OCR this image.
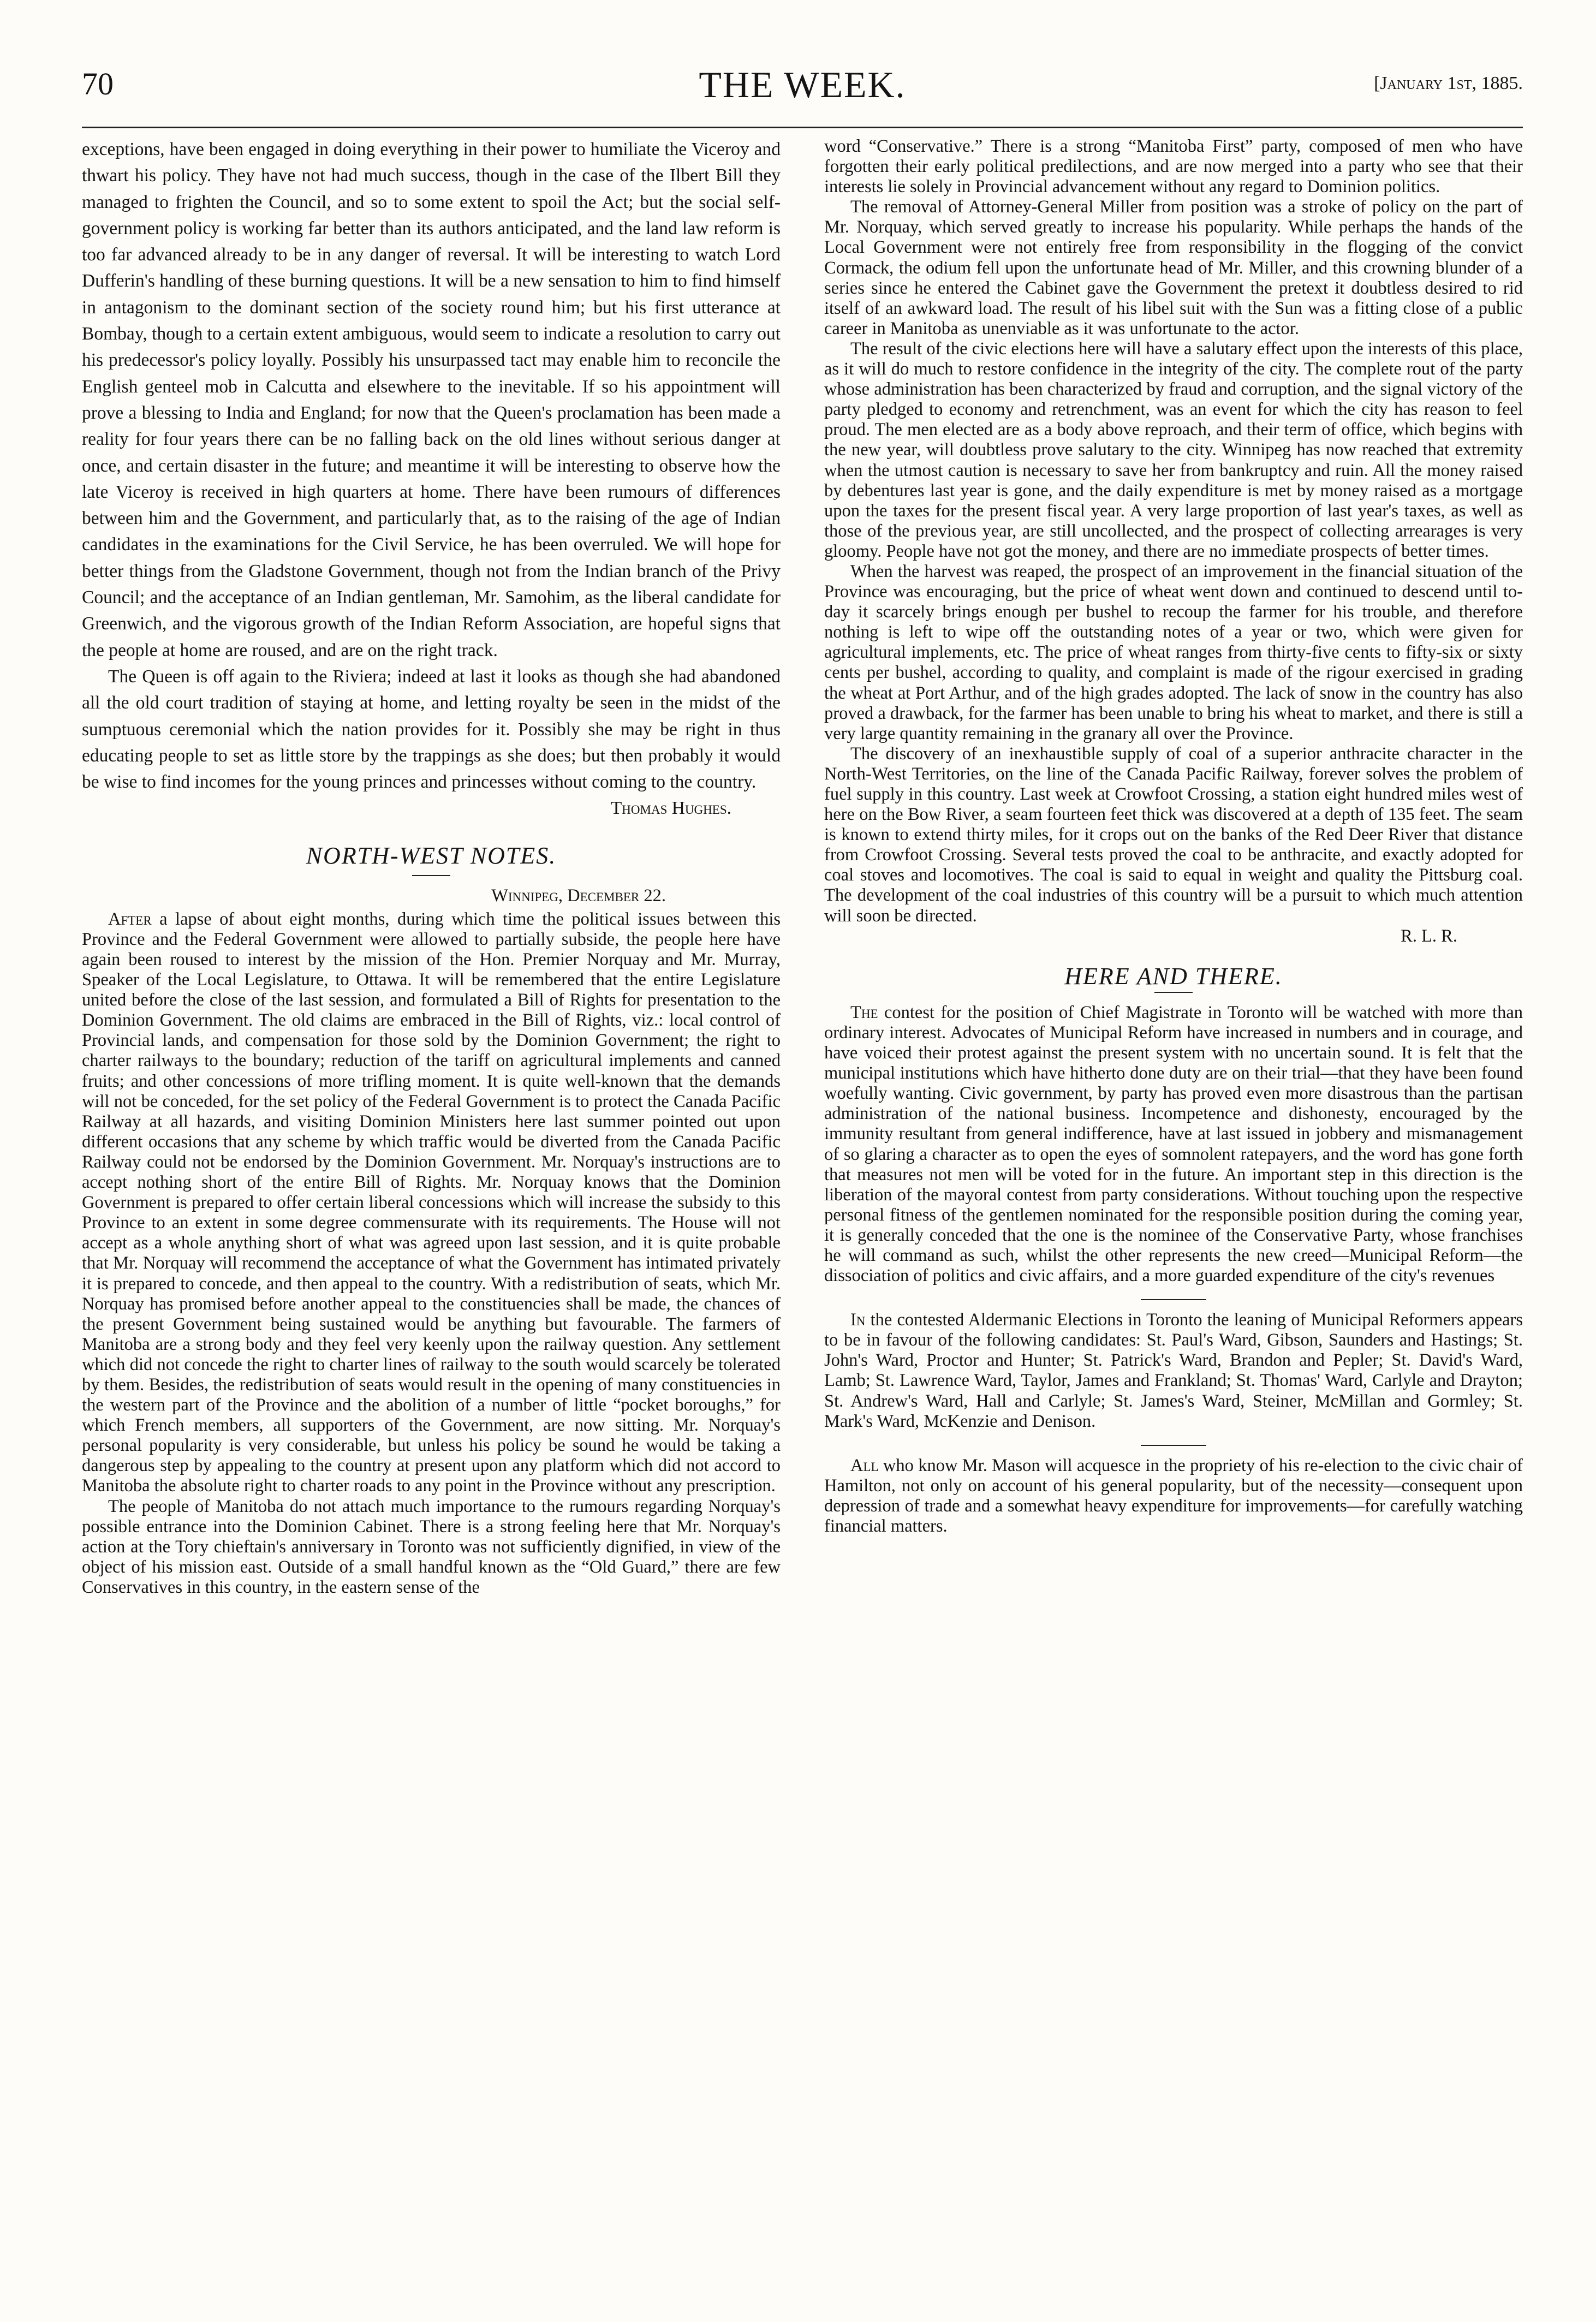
70	THE WEEK.	[January 1st, 1885.

exceptions, have been engaged in doing everything in their power to humiliate the Viceroy and thwart his policy. They have not had much success, though in the case of the Ilbert Bill they managed to frighten the Council, and so to some extent to spoil the Act; but the social self-government policy is working far better than its authors anticipated, and the land law reform is too far advanced already to be in any danger of reversal. It will be interesting to watch Lord Dufferin's handling of these burning questions. It will be a new sensation to him to find himself in antagonism to the dominant section of the society round him; but his first utterance at Bombay, though to a certain extent ambiguous, would seem to indicate a resolution to carry out his predecessor's policy loyally. Possibly his unsurpassed tact may enable him to reconcile the English genteel mob in Calcutta and elsewhere to the inevitable. If so his appointment will prove a blessing to India and England; for now that the Queen's proclamation has been made a reality for four years there can be no falling back on the old lines without serious danger at once, and certain disaster in the future; and meantime it will be interesting to observe how the late Viceroy is received in high quarters at home. There have been rumours of differences between him and the Government, and particularly that, as to the raising of the age of Indian candidates in the examinations for the Civil Service, he has been overruled. We will hope for better things from the Gladstone Government, though not from the Indian branch of the Privy Council; and the acceptance of an Indian gentleman, Mr. Samohim, as the liberal candidate for Greenwich, and the vigorous growth of the Indian Reform Association, are hopeful signs that the people at home are roused, and are on the right track.

The Queen is off again to the Riviera; indeed at last it looks as though she had abandoned all the old court tradition of staying at home, and letting royalty be seen in the midst of the sumptuous ceremonial which the nation provides for it. Possibly she may be right in thus educating people to set as little store by the trappings as she does; but then probably it would be wise to find incomes for the young princes and princesses without coming to the country.

Thomas Hughes.

NORTH-WEST NOTES.

Winnipeg, December 22.

After a lapse of about eight months, during which time the political issues between this Province and the Federal Government were allowed to partially subside, the people here have again been roused to interest by the mission of the Hon. Premier Norquay and Mr. Murray, Speaker of the Local Legislature, to Ottawa. It will be remembered that the entire Legislature united before the close of the last session, and formulated a Bill of Rights for presentation to the Dominion Government. The old claims are embraced in the Bill of Rights, viz.: local control of Provincial lands, and compensation for those sold by the Dominion Government; the right to charter railways to the boundary; reduction of the tariff on agricultural implements and canned fruits; and other concessions of more trifling moment. It is quite well-known that the demands will not be conceded, for the set policy of the Federal Government is to protect the Canada Pacific Railway at all hazards, and visiting Dominion Ministers here last summer pointed out upon different occasions that any scheme by which traffic would be diverted from the Canada Pacific Railway could not be endorsed by the Dominion Government. Mr. Norquay's instructions are to accept nothing short of the entire Bill of Rights. Mr. Norquay knows that the Dominion Government is prepared to offer certain liberal concessions which will increase the subsidy to this Province to an extent in some degree commensurate with its requirements. The House will not accept as a whole anything short of what was agreed upon last session, and it is quite probable that Mr. Norquay will recommend the acceptance of what the Government has intimated privately it is prepared to concede, and then appeal to the country. With a redistribution of seats, which Mr. Norquay has promised before another appeal to the constituencies shall be made, the chances of the present Government being sustained would be anything but favourable. The farmers of Manitoba are a strong body and they feel very keenly upon the railway question. Any settlement which did not concede the right to charter lines of railway to the south would scarcely be tolerated by them. Besides, the redistribution of seats would result in the opening of many constituencies in the western part of the Province and the abolition of a number of little “pocket boroughs,” for which French members, all supporters of the Government, are now sitting. Mr. Norquay's personal popularity is very considerable, but unless his policy be sound he would be taking a dangerous step by appealing to the country at present upon any platform which did not accord to Manitoba the absolute right to charter roads to any point in the Province without any prescription.

The people of Manitoba do not attach much importance to the rumours regarding Norquay's possible entrance into the Dominion Cabinet. There is a strong feeling here that Mr. Norquay's action at the Tory chieftain's anniversary in Toronto was not sufficiently dignified, in view of the object of his mission east. Outside of a small handful known as the “Old Guard,” there are few Conservatives in this country, in the eastern sense of the

word “Conservative.” There is a strong “Manitoba First” party, composed of men who have forgotten their early political predilections, and are now merged into a party who see that their interests lie solely in Provincial advancement without any regard to Dominion politics.

The removal of Attorney-General Miller from position was a stroke of policy on the part of Mr. Norquay, which served greatly to increase his popularity. While perhaps the hands of the Local Government were not entirely free from responsibility in the flogging of the convict Cormack, the odium fell upon the unfortunate head of Mr. Miller, and this crowning blunder of a series since he entered the Cabinet gave the Government the pretext it doubtless desired to rid itself of an awkward load. The result of his libel suit with the Sun was a fitting close of a public career in Manitoba as unenviable as it was unfortunate to the actor.

The result of the civic elections here will have a salutary effect upon the interests of this place, as it will do much to restore confidence in the integrity of the city. The complete rout of the party whose administration has been characterized by fraud and corruption, and the signal victory of the party pledged to economy and retrenchment, was an event for which the city has reason to feel proud. The men elected are as a body above reproach, and their term of office, which begins with the new year, will doubtless prove salutary to the city. Winnipeg has now reached that extremity when the utmost caution is necessary to save her from bankruptcy and ruin. All the money raised by debentures last year is gone, and the daily expenditure is met by money raised as a mortgage upon the taxes for the present fiscal year. A very large proportion of last year's taxes, as well as those of the previous year, are still uncollected, and the prospect of collecting arrearages is very gloomy. People have not got the money, and there are no immediate prospects of better times.

When the harvest was reaped, the prospect of an improvement in the financial situation of the Province was encouraging, but the price of wheat went down and continued to descend until to-day it scarcely brings enough per bushel to recoup the farmer for his trouble, and therefore nothing is left to wipe off the outstanding notes of a year or two, which were given for agricultural implements, etc. The price of wheat ranges from thirty-five cents to fifty-six or sixty cents per bushel, according to quality, and complaint is made of the rigour exercised in grading the wheat at Port Arthur, and of the high grades adopted. The lack of snow in the country has also proved a drawback, for the farmer has been unable to bring his wheat to market, and there is still a very large quantity remaining in the granary all over the Province.

The discovery of an inexhaustible supply of coal of a superior anthracite character in the North-West Territories, on the line of the Canada Pacific Railway, forever solves the problem of fuel supply in this country. Last week at Crowfoot Crossing, a station eight hundred miles west of here on the Bow River, a seam fourteen feet thick was discovered at a depth of 135 feet. The seam is known to extend thirty miles, for it crops out on the banks of the Red Deer River that distance from Crowfoot Crossing. Several tests proved the coal to be anthracite, and exactly adopted for coal stoves and locomotives. The coal is said to equal in weight and quality the Pittsburg coal. The development of the coal industries of this country will be a pursuit to which much attention will soon be directed.

R. L. R.

HERE AND THERE.

The contest for the position of Chief Magistrate in Toronto will be watched with more than ordinary interest. Advocates of Municipal Reform have increased in numbers and in courage, and have voiced their protest against the present system with no uncertain sound. It is felt that the municipal institutions which have hitherto done duty are on their trial—that they have been found woefully wanting. Civic government, by party has proved even more disastrous than the partisan administration of the national business. Incompetence and dishonesty, encouraged by the immunity resultant from general indifference, have at last issued in jobbery and mismanagement of so glaring a character as to open the eyes of somnolent ratepayers, and the word has gone forth that measures not men will be voted for in the future. An important step in this direction is the liberation of the mayoral contest from party considerations. Without touching upon the respective personal fitness of the gentlemen nominated for the responsible position during the coming year, it is generally conceded that the one is the nominee of the Conservative Party, whose franchises he will command as such, whilst the other represents the new creed—Municipal Reform—the dissociation of politics and civic affairs, and a more guarded expenditure of the city's revenues

In the contested Aldermanic Elections in Toronto the leaning of Municipal Reformers appears to be in favour of the following candidates: St. Paul's Ward, Gibson, Saunders and Hastings; St. John's Ward, Proctor and Hunter; St. Patrick's Ward, Brandon and Pepler; St. David's Ward, Lamb; St. Lawrence Ward, Taylor, James and Frankland; St. Thomas' Ward, Carlyle and Drayton; St. Andrew's Ward, Hall and Carlyle; St. James's Ward, Steiner, McMillan and Gormley; St. Mark's Ward, McKenzie and Denison.

All who know Mr. Mason will acquesce in the propriety of his re-election to the civic chair of Hamilton, not only on account of his general popularity, but of the necessity—consequent upon depression of trade and a somewhat heavy expenditure for improvements—for carefully watching financial matters.
